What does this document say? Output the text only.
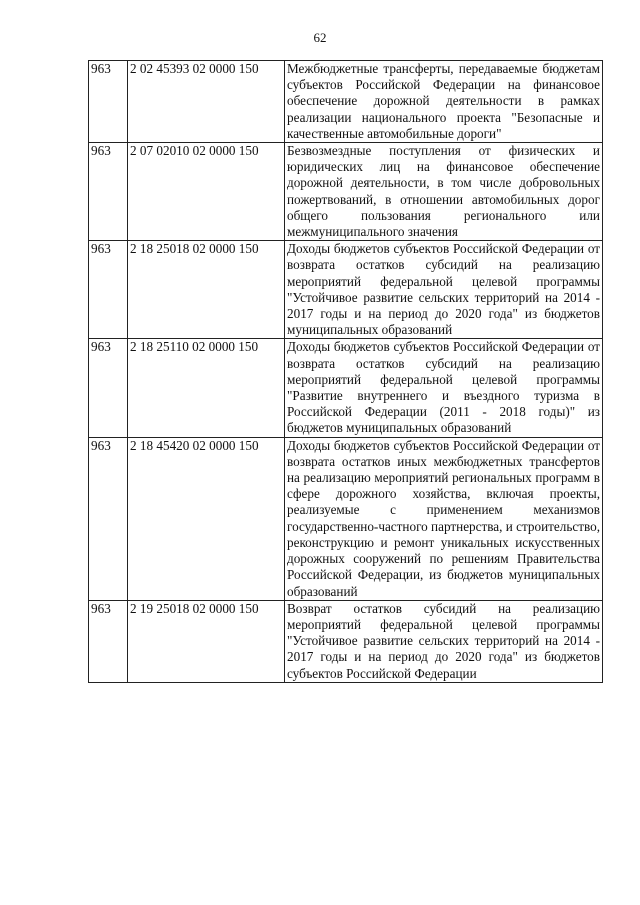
62
963	2 02 45393 02 0000 150	Межбюджетные трансферты, передаваемые бюджетам субъектов Российской Федерации на финансовое обеспечение дорожной деятельности в рамках реализации национального проекта "Безопасные и качественные автомобильные дороги"
963	2 07 02010 02 0000 150	Безвозмездные поступления от физических и юридических лиц на финансовое обеспечение дорожной деятельности, в том числе добровольных пожертвований, в отношении автомобильных дорог общего пользования регионального или межмуниципального значения
963	2 18 25018 02 0000 150	Доходы бюджетов субъектов Российской Федерации от возврата остатков субсидий на реализацию мероприятий федеральной целевой программы "Устойчивое развитие сельских территорий на 2014 - 2017 годы и на период до 2020 года" из бюджетов муниципальных образований
963	2 18 25110 02 0000 150	Доходы бюджетов субъектов Российской Федерации от возврата остатков субсидий на реализацию мероприятий федеральной целевой программы "Развитие внутреннего и въездного туризма в Российской Федерации (2011 - 2018 годы)" из бюджетов муниципальных образований
963	2 18 45420 02 0000 150	Доходы бюджетов субъектов Российской Федерации от возврата остатков иных межбюджетных трансфертов на реализацию мероприятий региональных программ в сфере дорожного хозяйства, включая проекты, реализуемые с применением механизмов государственно-частного партнерства, и строительство, реконструкцию и ремонт уникальных искусственных дорожных сооружений по решениям Правительства Российской Федерации, из бюджетов муниципальных образований
963	2 19 25018 02 0000 150	Возврат остатков субсидий на реализацию мероприятий федеральной целевой программы "Устойчивое развитие сельских территорий на 2014 - 2017 годы и на период до 2020 года" из бюджетов субъектов Российской Федерации
